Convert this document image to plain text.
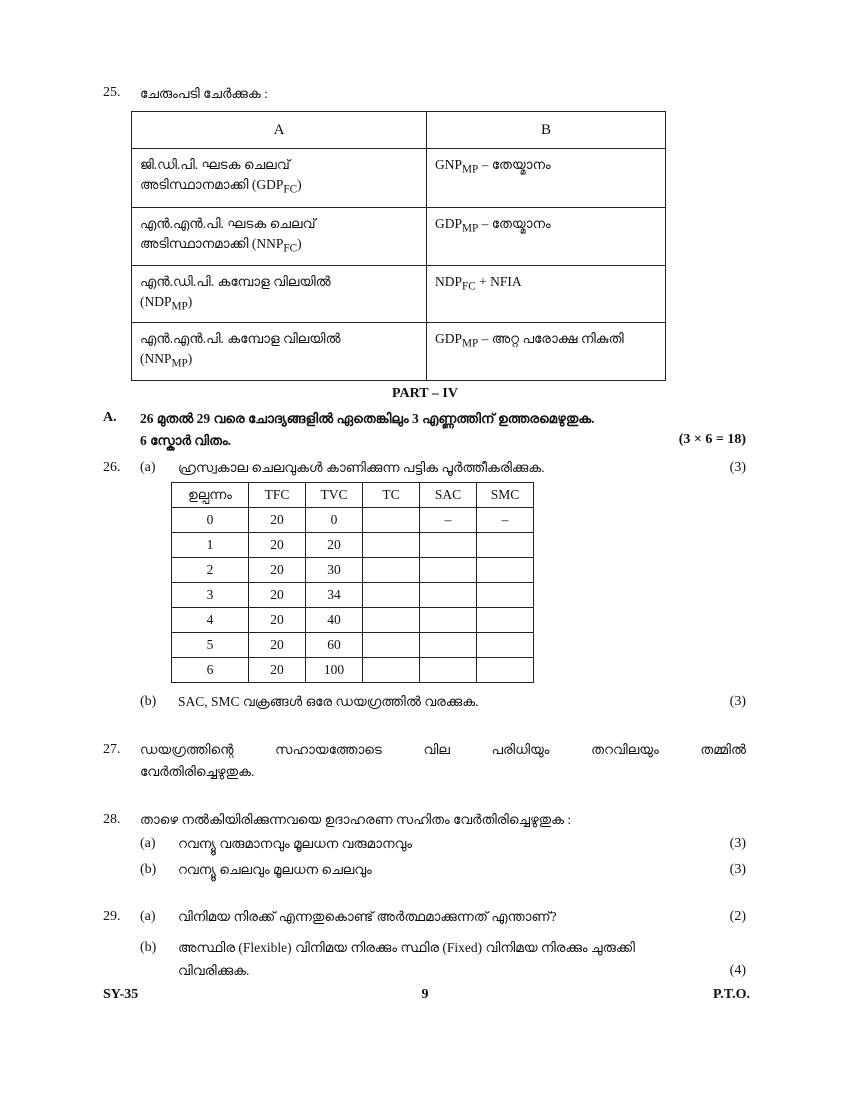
25. ചേരുംപടി ചേർക്കുക :
A	B
ജി.ഡി.പി. ഘടക ചെലവ്
അടിസ്ഥാനമാക്കി $(GDP_{FC})$	$GNP_{MP}$ – തേയ്മാനം
എൻ.എൻ.പി. ഘടക ചെലവ്
അടിസ്ഥാനമാക്കി $(NNP_{FC})$	$GDP_{MP}$ – തേയ്മാനം
എൻ.ഡി.പി. കമ്പോള വിലയിൽ
$(NDP_{MP})$	$NDP_{FC}$ + NFIA
എൻ.എൻ.പി. കമ്പോള വിലയിൽ
$(NNP_{MP})$	$GDP_{MP}$ – അറ്റ പരോക്ഷ നികുതി
PART – IV
A. 26 മുതൽ 29 വരെ ചോദ്യങ്ങളിൽ ഏതെങ്കിലും 3 എണ്ണത്തിന് ഉത്തരമെഴുതുക.
6 സ്കോർ വിതം.	(3 × 6 = 18)
26. (a) ഹ്രസ്വകാല ചെലവുകൾ കാണിക്കുന്ന പട്ടിക പൂർത്തീകരിക്കുക.	(3)
ഉല്പന്നം	TFC	TVC	TC	SAC	SMC
0	20	0		–	–
1	20	20			
2	20	30			
3	20	34			
4	20	40			
5	20	60			
6	20	100			
(b) SAC, SMC വക്രങ്ങൾ ഒരേ ഡയഗ്രത്തിൽ വരക്കുക.	(3)
27. ഡയഗ്രത്തിന്റെ	സഹായത്തോടെ	വില	പരിധിയും	തറവിലയും	തമ്മിൽ
വേർതിരിച്ചെഴുതുക.
28. താഴെ നൽകിയിരിക്കുന്നവയെ ഉദാഹരണ സഹിതം വേർതിരിച്ചെഴുതുക :
(a) റവന്യൂ വരുമാനവും മൂലധന വരുമാനവും	(3)
(b) റവന്യൂ ചെലവും മൂലധന ചെലവും	(3)
29. (a) വിനിമയ നിരക്ക് എന്നതുകൊണ്ട് അർത്ഥമാക്കുന്നത് എന്താണ്?	(2)
(b) അസ്ഥിര (Flexible) വിനിമയ നിരക്കും സ്ഥിര (Fixed) വിനിമയ നിരക്കും ചുരുക്കി
വിവരിക്കുക.	(4)
SY-35	9	P.T.O.
